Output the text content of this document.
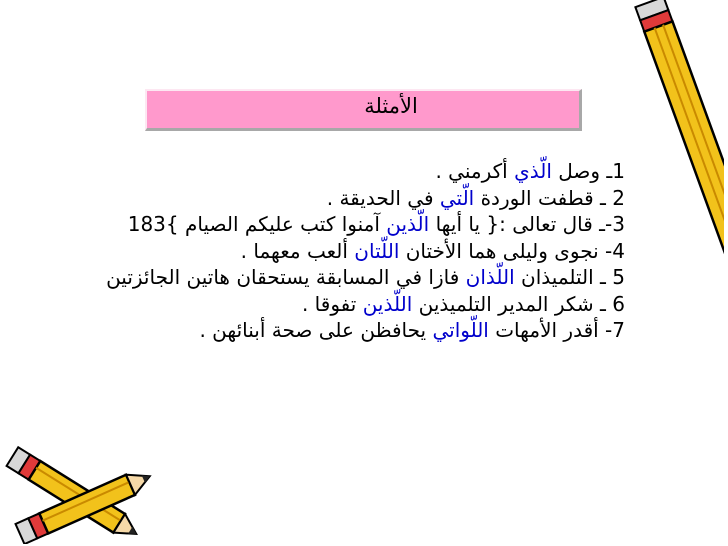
الأمثلة
1ـ وصل الّذي أكرمني .
2 ـ قطفت الوردة الّتي في الحديقة .
3-ـ قال تعالى :{ يا أيها الّذين آمنوا كتب عليكم الصيام }183
4- نجوى وليلى هما الأختان اللّتان ألعب معهما .
5 ـ التلميذان اللّذان فازا في المسابقة يستحقان هاتين الجائزتين
6 ـ شكر المدير التلميذين اللّذين تفوقا .
7- أقدر الأمهات اللّواتي يحافظن على صحة أبنائهن .
